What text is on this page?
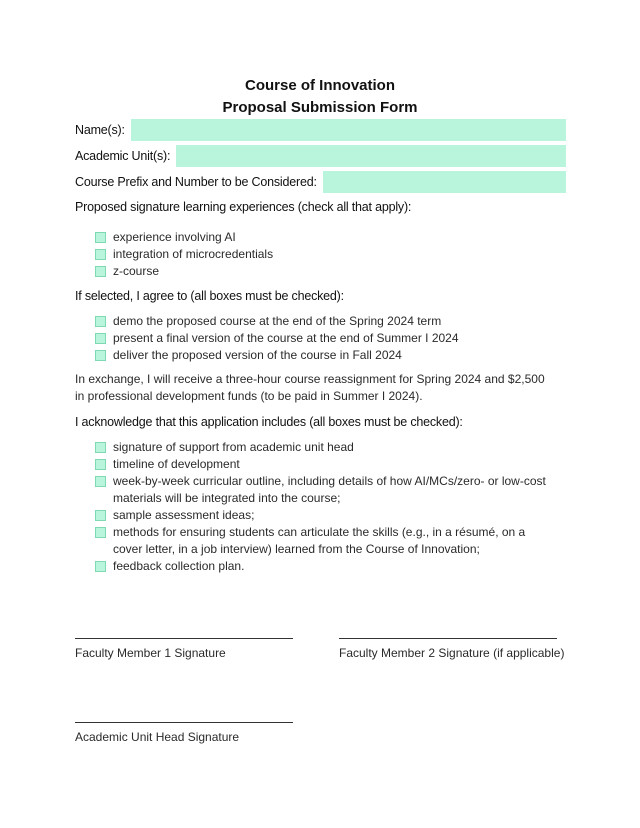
Course of Innovation
Proposal Submission Form
Name(s):
Academic Unit(s):
Course Prefix and Number to be Considered:
Proposed signature learning experiences (check all that apply):
experience involving AI
integration of microcredentials
z-course
If selected, I agree to (all boxes must be checked):
demo the proposed course at the end of the Spring 2024 term
present a final version of the course at the end of Summer I 2024
deliver the proposed version of the course in Fall 2024

In exchange, I will receive a three-hour course reassignment for Spring 2024 and $2,500 in professional development funds (to be paid in Summer I 2024).

I acknowledge that this application includes (all boxes must be checked):
signature of support from academic unit head
timeline of development
week-by-week curricular outline, including details of how AI/MCs/zero- or low-cost materials will be integrated into the course;
sample assessment ideas;
methods for ensuring students can articulate the skills (e.g., in a résumé, on a cover letter, in a job interview) learned from the Course of Innovation;
feedback collection plan.
Faculty Member 1 Signature	Faculty Member 2 Signature (if applicable)
Academic Unit Head Signature
